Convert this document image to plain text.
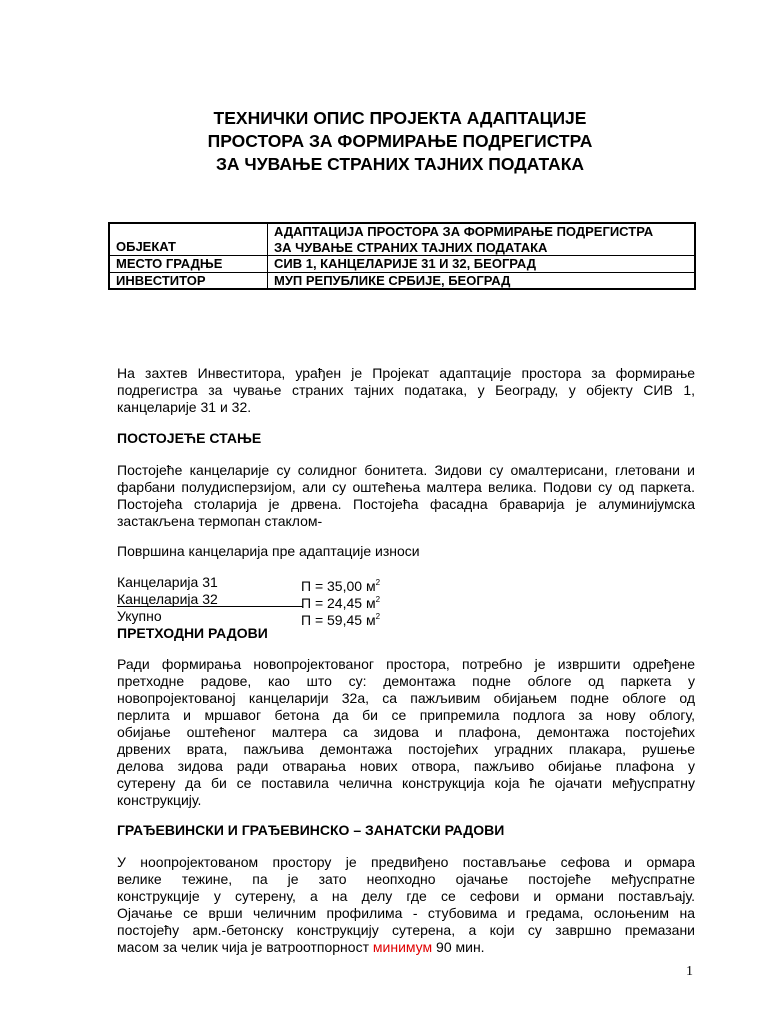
ТЕХНИЧКИ ОПИС ПРОЈЕКТА АДАПТАЦИЈЕ
ПРОСТОРА ЗА ФОРМИРАЊЕ ПОДРЕГИСТРА
ЗА ЧУВАЊЕ СТРАНИХ ТАЈНИХ ПОДАТАКА
ОБЈЕКАТ	АДАПТАЦИЈА ПРОСТОРА ЗА ФОРМИРАЊЕ ПОДРЕГИСТРА ЗА ЧУВАЊЕ СТРАНИХ ТАЈНИХ ПОДАТАКА
МЕСТО ГРАДЊЕ	СИВ 1, КАНЦЕЛАРИЈЕ 31 И 32, БЕОГРАД
ИНВЕСТИТОР	МУП РЕПУБЛИКЕ СРБИЈЕ, БЕОГРАД
На захтев Инвеститора, урађен је Пројекат адаптације простора за формирање подрегистра за чување страних тајних података, у Београду, у објекту СИВ 1, канцеларије 31 и 32.
ПОСТОЈЕЋЕ СТАЊЕ
Постојеће канцеларије су солидног бонитета. Зидови су омалтерисани, глетовани и фарбани полудисперзијом, али су оштећења малтера велика. Подови су од паркета. Постојећа столарија је дрвена. Постојећа фасадна браварија је алуминијумска застакљена термопан стаклом-
Површина канцеларија пре адаптације износи
Канцеларија 31	П = 35,00 $м^2$
Канцеларија 32	П = 24,45 $м^2$
Укупно	П = 59,45 $м^2$
ПРЕТХОДНИ РАДОВИ
Ради формирања новопројектованог простора, потребно је извршити одређене
претходне радове, као што су: демонтажа подне облоге од паркета у
новопројектованој канцеларији 32а, са пажљивим обијањем подне облоге од
перлита и мршавог бетона да би се припремила подлога за нову облогу,
обијање оштећеног малтера са зидова и плафона, демонтажа постојећих
дрвених врата, пажљива демонтажа постојећих уградних плакара, рушење
делова зидова ради отварања нових отвора, пажљиво обијање плафона у
сутерену да би се поставила челична конструкција која ће ојачати међуспратну
конструкцију.
ГРАЂЕВИНСКИ И ГРАЂЕВИНСКО – ЗАНАТСКИ РАДОВИ
У ноопројектованом простору је предвиђено постављање сефова и ормара
велике тежине, па је зато неопходно ојачање постојеће међуспратне
конструкције у сутерену, а на делу где се сефови и ормани постављају.
Ојачање се врши челичним профилима - стубовима и гредама, ослоњеним на
постојећу арм.-бетонску конструкцију сутерена, а који су завршно премазани
масом за челик чија је ватроотпорност минимум 90 мин.
1
